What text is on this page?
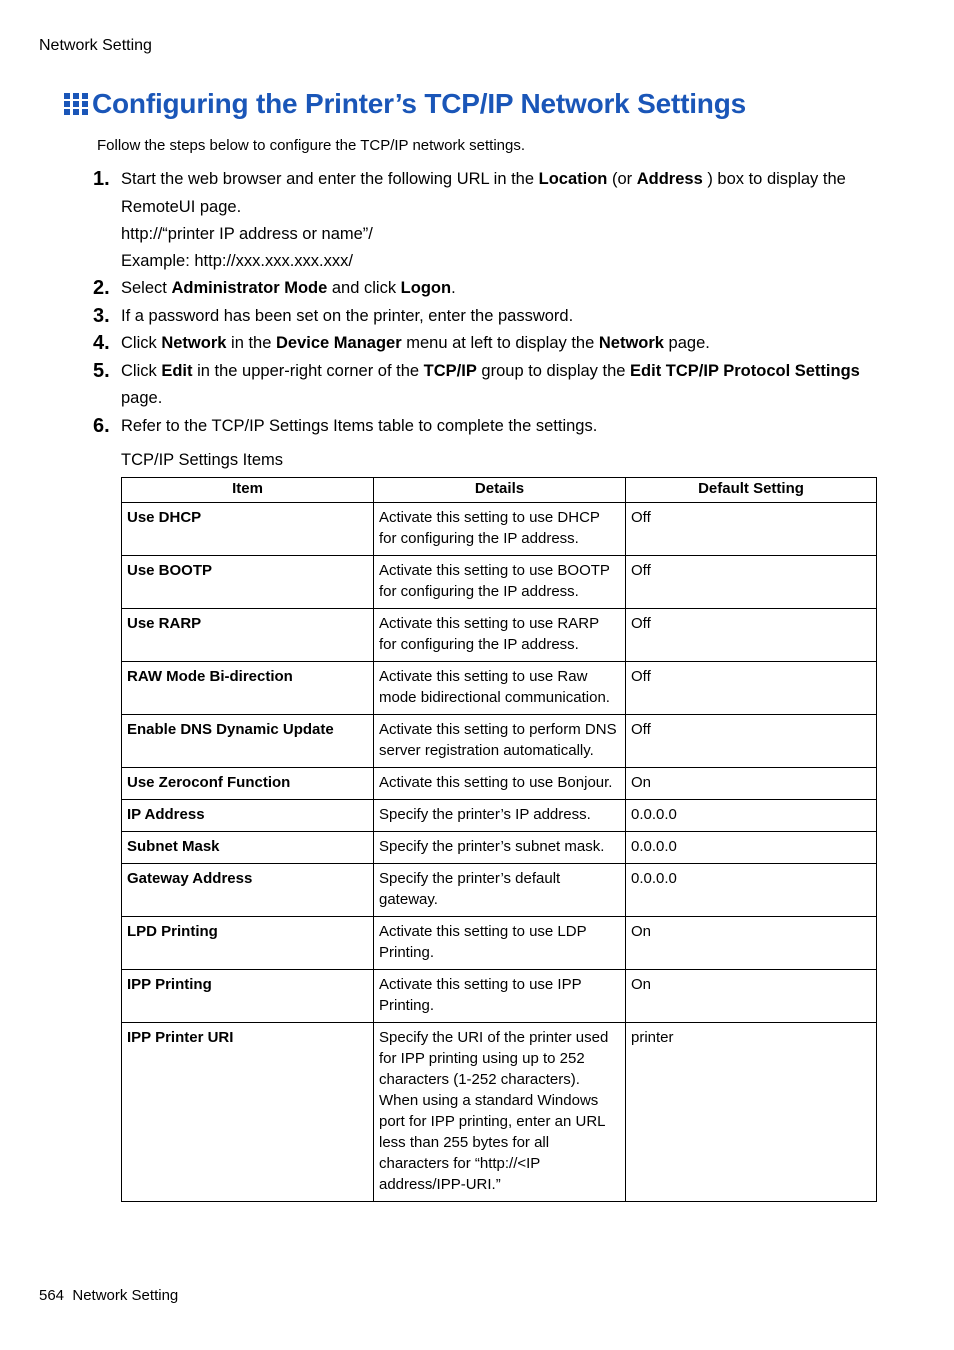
Network Setting
Configuring the Printer’s TCP/IP Network Settings
Follow the steps below to configure the TCP/IP network settings.
1. Start the web browser and enter the following URL in the Location (or Address ) box to display the RemoteUI page.
http://“printer IP address or name”/
Example: http://xxx.xxx.xxx.xxx/
2. Select Administrator Mode and click Logon.
3. If a password has been set on the printer, enter the password.
4. Click Network in the Device Manager menu at left to display the Network page.
5. Click Edit in the upper-right corner of the TCP/IP group to display the Edit TCP/IP Protocol Settings page.
6. Refer to the TCP/IP Settings Items table to complete the settings.
TCP/IP Settings Items
Item	Details	Default Setting
Use DHCP	Activate this setting to use DHCP for configuring the IP address.	Off
Use BOOTP	Activate this setting to use BOOTP for configuring the IP address.	Off
Use RARP	Activate this setting to use RARP for configuring the IP address.	Off
RAW Mode Bi-direction	Activate this setting to use Raw mode bidirectional communication.	Off
Enable DNS Dynamic Update	Activate this setting to perform DNS server registration automatically.	Off
Use Zeroconf Function	Activate this setting to use Bonjour.	On
IP Address	Specify the printer’s IP address.	0.0.0.0
Subnet Mask	Specify the printer’s subnet mask.	0.0.0.0
Gateway Address	Specify the printer’s default gateway.	0.0.0.0
LPD Printing	Activate this setting to use LDP Printing.	On
IPP Printing	Activate this setting to use IPP Printing.	On
IPP Printer URI	Specify the URI of the printer used for IPP printing using up to 252 characters (1-252 characters). When using a standard Windows port for IPP printing, enter an URL less than 255 bytes for all characters for “http://<IP address/IPP-URI.”	printer
564 Network Setting
